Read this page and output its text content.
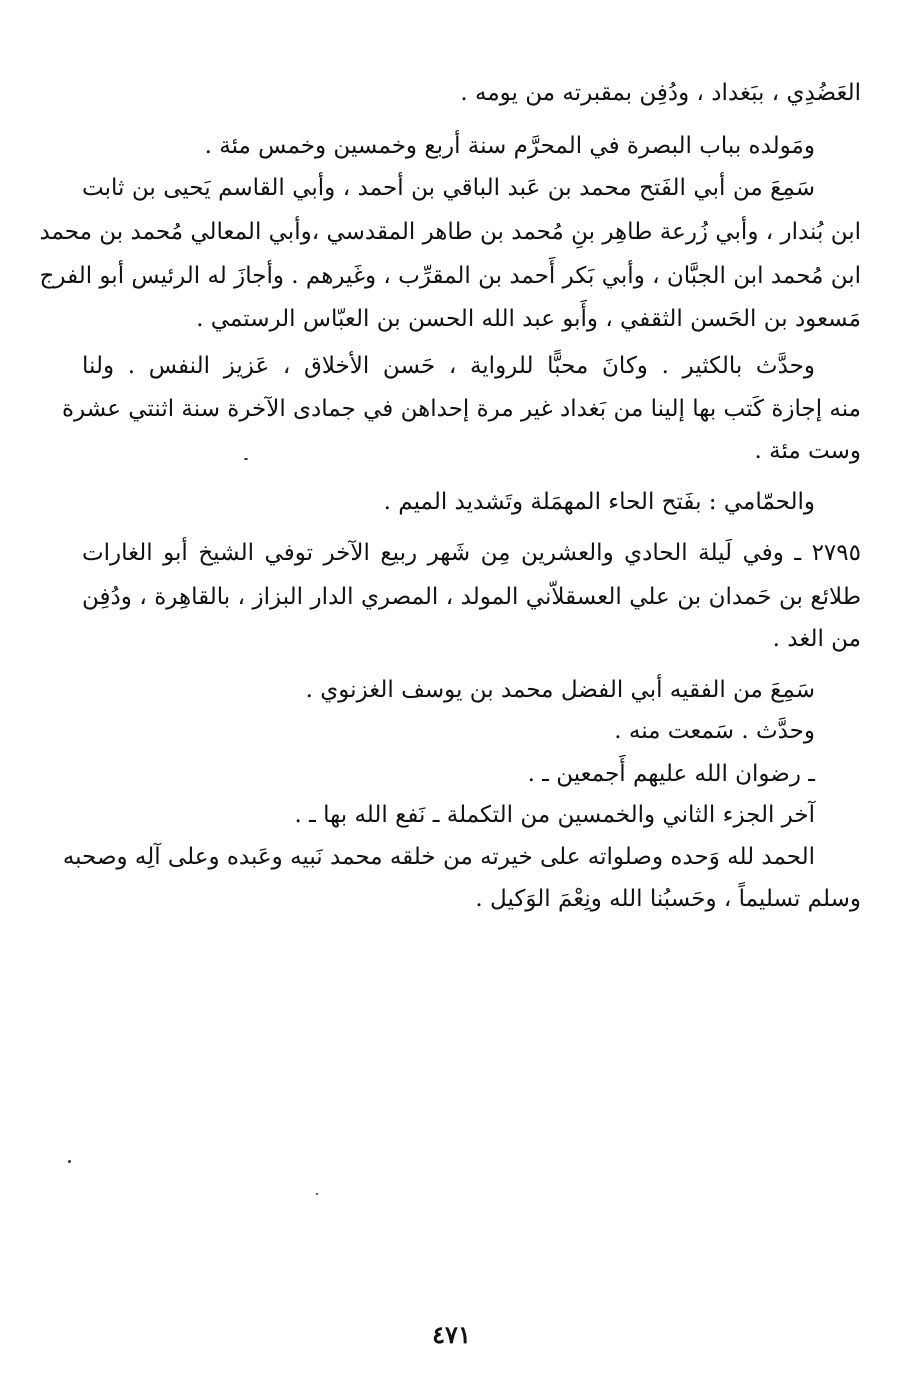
العَضُدِي ، ببَغداد ، ودُفِن بمقبرته من يومه .
ومَولده بباب البصرة في المحرَّم سنة أربع وخمسين وخمس مئة .
سَمِعَ من أبي الفَتح محمد بن عَبد الباقي بن أحمد ، وأبي القاسم يَحيى بن ثابت
ابن بُندار ، وأبي زُرعة طاهِر بنِ مُحمد بن طاهر المقدسي ،وأبي المعالي مُحمد بن محمد
ابن مُحمد ابن الجبَّان ، وأبي بَكر أَحمد بن المقرِّب ، وغَيرهم . وأجازَ له الرئيس أبو الفرج
مَسعود بن الحَسن الثقفي ، وأَبو عبد الله الحسن بن العبّاس الرستمي .
وحدَّث بالكثير . وكانَ محبًّا للرواية ، حَسن الأخلاق ، عَزيز النفس . ولنا
منه إجازة كَتب بها إلينا من بَغداد غير مرة إحداهن في جمادى الآخرة سنة اثنتي عشرة
وست مئة .
والحمّامي : بفَتح الحاء المهمَلة وتَشديد الميم .
٢٧٩٥ ـ وفي لَيلة الحادي والعشرين مِن شَهر ربيع الآخر توفي الشيخ أبو الغارات
طلائع بن حَمدان بن علي العسقلاّني المولد ، المصري الدار البزاز ، بالقاهِرة ، ودُفِن
من الغد .
سَمِعَ من الفقيه أبي الفضل محمد بن يوسف الغزنوي .
وحدَّث . سَمعت منه .
ـ رضوان الله عليهم أَجمعين ـ .
آخر الجزء الثاني والخمسين من التكملة ـ نَفع الله بها ـ .
الحمد لله وَحده وصلواته على خيرته من خلقه محمد نَبيه وعَبده وعلى آلِه وصحبه
وسلم تسليماً ، وحَسبُنا الله ونِعْمَ الوَكيل .
٤٧١
